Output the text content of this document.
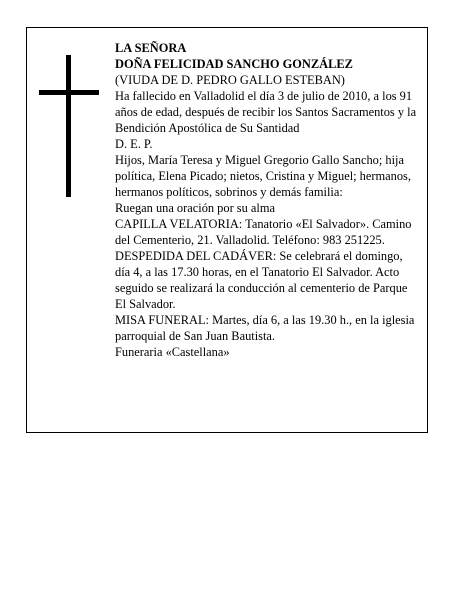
LA SEÑORA

DOÑA FELICIDAD SANCHO GONZÁLEZ

(VIUDA DE D. PEDRO GALLO ESTEBAN)

Ha fallecido en Valladolid el día 3 de julio de 2010, a los 91 años de edad, después de recibir los Santos Sacramentos y la Bendición Apostólica de Su Santidad

D. E. P.

Hijos, María Teresa y Miguel Gregorio Gallo Sancho; hija política, Elena Picado; nietos, Cristina y Miguel; hermanos, hermanos políticos, sobrinos y demás familia:

Ruegan una oración por su alma

CAPILLA VELATORIA: Tanatorio «El Salvador». Camino del Cementerio, 21. Valladolid. Teléfono: 983 251225.

DESPEDIDA DEL CADÁVER: Se celebrará el domingo, día 4, a las 17.30 horas, en el Tanatorio El Salvador. Acto seguido se realizará la conducción al cementerio de Parque El Salvador.

MISA FUNERAL: Martes, día 6, a las 19.30 h., en la iglesia parroquial de San Juan Bautista.

Funeraria «Castellana»
